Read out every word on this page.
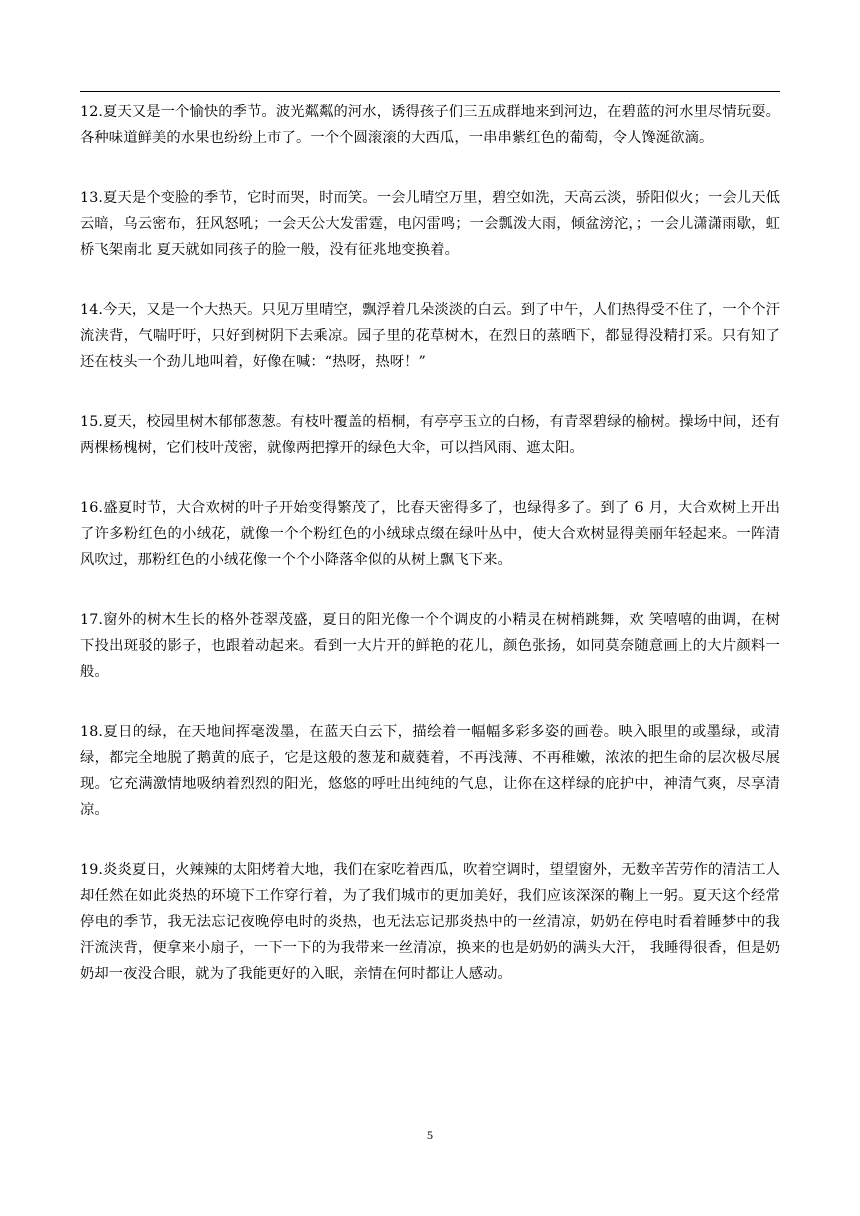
12.夏天又是一个愉快的季节。波光粼粼的河水，诱得孩子们三五成群地来到河边，在碧蓝的河水里尽情玩耍。各种味道鲜美的水果也纷纷上市了。一个个圆滚滚的大西瓜，一串串紫红色的葡萄，令人馋涎欲滴。

13.夏天是个变脸的季节，它时而哭，时而笑。一会儿晴空万里，碧空如洗，天高云淡，骄阳似火；一会儿天低云暗，乌云密布，狂风怒吼；一会天公大发雷霆，电闪雷鸣；一会瓢泼大雨，倾盆滂沱，；一会儿潇潇雨歇，虹桥飞架南北 夏天就如同孩子的脸一般，没有征兆地变换着。

14.今天，又是一个大热天。只见万里晴空，飘浮着几朵淡淡的白云。到了中午，人们热得受不住了，一个个汗流浃背，气喘吁吁，只好到树阴下去乘凉。园子里的花草树木，在烈日的蒸晒下，都显得没精打采。只有知了还在枝头一个劲儿地叫着，好像在喊：“热呀，热呀！”

15.夏天，校园里树木郁郁葱葱。有枝叶覆盖的梧桐，有亭亭玉立的白杨，有青翠碧绿的榆树。操场中间，还有两棵杨槐树，它们枝叶茂密，就像两把撑开的绿色大伞，可以挡风雨、遮太阳。

16.盛夏时节，大合欢树的叶子开始变得繁茂了，比春天密得多了，也绿得多了。到了 6 月，大合欢树上开出了许多粉红色的小绒花，就像一个个粉红色的小绒球点缀在绿叶丛中，使大合欢树显得美丽年轻起来。一阵清风吹过，那粉红色的小绒花像一个个小降落伞似的从树上飘飞下来。

17.窗外的树木生长的格外苍翠茂盛，夏日的阳光像一个个调皮的小精灵在树梢跳舞，欢 笑嘻嘻的曲调，在树下投出斑驳的影子，也跟着动起来。看到一大片开的鲜艳的花儿，颜色张扬，如同莫奈随意画上的大片颜料一般。

18.夏日的绿，在天地间挥毫泼墨，在蓝天白云下，描绘着一幅幅多彩多姿的画卷。映入眼里的或墨绿，或清绿，都完全地脱了鹅黄的底子，它是这般的葱茏和葳蕤着，不再浅薄、不再稚嫩，浓浓的把生命的层次极尽展现。它充满激情地吸纳着烈烈的阳光，悠悠的呼吐出纯纯的气息，让你在这样绿的庇护中，神清气爽，尽享清凉。

19.炎炎夏日，火辣辣的太阳烤着大地，我们在家吃着西瓜，吹着空调时，望望窗外，无数辛苦劳作的清洁工人却任然在如此炎热的环境下工作穿行着，为了我们城市的更加美好，我们应该深深的鞠上一躬。夏天这个经常停电的季节，我无法忘记夜晚停电时的炎热，也无法忘记那炎热中的一丝清凉，奶奶在停电时看着睡梦中的我汗流浃背，便拿来小扇子，一下一下的为我带来一丝清凉，换来的也是奶奶的满头大汗， 我睡得很香，但是奶奶却一夜没合眼，就为了我能更好的入眠，亲情在何时都让人感动。

5
